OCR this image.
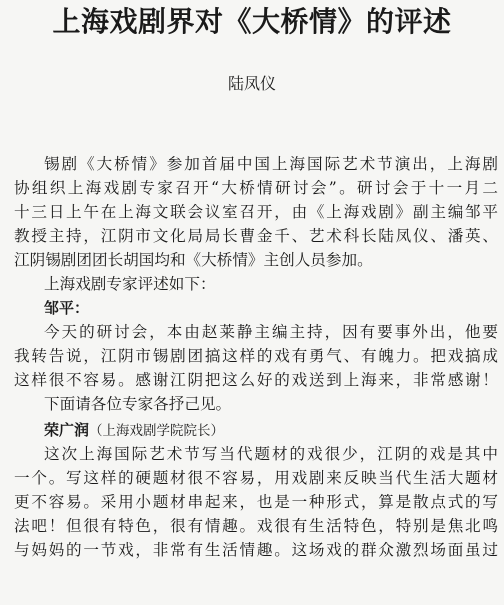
上海戏剧界对《大桥情》的评述
陆凤仪
锡剧《大桥情》参加首届中国上海国际艺术节演出，上海剧
协组织上海戏剧专家召开“大桥情研讨会”。研讨会于十一月二
十三日上午在上海文联会议室召开，由《上海戏剧》副主编邹平
教授主持，江阴市文化局局长曹金千、艺术科长陆凤仪、潘英、
江阴锡剧团团长胡国均和《大桥情》主创人员参加。
上海戏剧专家评述如下：
邹平：
今天的研讨会，本由赵莱静主编主持，因有要事外出，他要
我转告说，江阴市锡剧团搞这样的戏有勇气、有魄力。把戏搞成
这样很不容易。感谢江阴把这么好的戏送到上海来，非常感谢！
下面请各位专家各抒己见。
荣广润（上海戏剧学院院长）
这次上海国际艺术节写当代题材的戏很少，江阴的戏是其中
一个。写这样的硬题材很不容易，用戏剧来反映当代生活大题材
更不容易。采用小题材串起来，也是一种形式，算是散点式的写
法吧！但很有特色，很有情趣。戏很有生活特色，特别是焦北鸣
与妈妈的一节戏，非常有生活情趣。这场戏的群众激烈场面虽过
